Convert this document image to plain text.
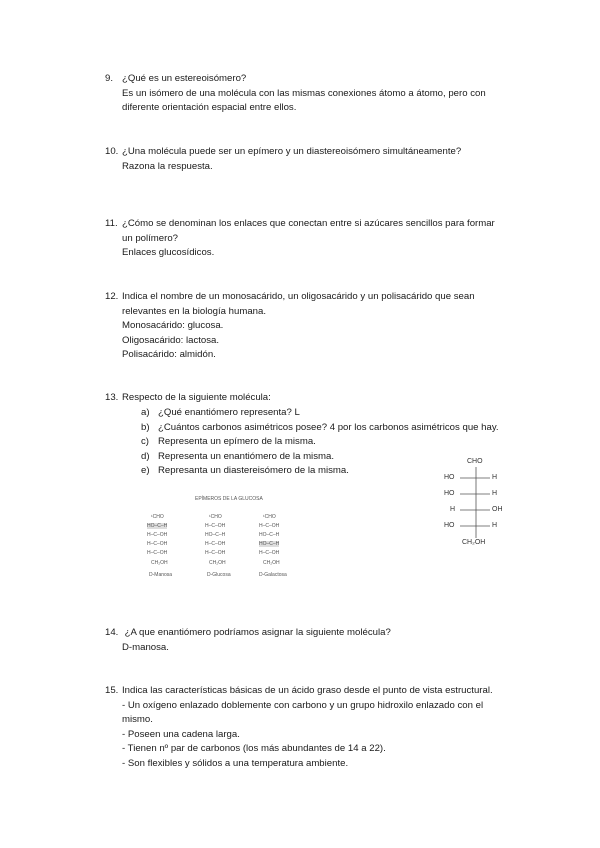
9. ¿Qué es un estereoisómero?
Es un isómero de una molécula con las mismas conexiones átomo a átomo, pero con
diferente orientación espacial entre ellos.
10. ¿Una molécula puede ser un epímero y un diastereoisómero simultáneamente?
Razona la respuesta.
11. ¿Cómo se denominan los enlaces que conectan entre si azúcares sencillos para formar
un polímero?
Enlaces glucosídicos.
12. Indica el nombre de un monosacárido, un oligosacárido y un polisacárido que sean
relevantes en la biología humana.
Monosacárido: glucosa.
Oligosacárido: lactosa.
Polisacárido: almidón.
13. Respecto de la siguiente molécula:
a) ¿Qué enantiómero representa? L
b) ¿Cuántos carbonos asimétricos posee? 4 por los carbonos asimétricos que hay.
c) Representa un epímero de la misma.
d) Representa un enantiómero de la misma.
e) Represanta un diastereisómero de la misma.
CHO
HO	H
HO	H
H	OH
HO	H
CH₂OH
EPÍMEROS DE LA GLUCOSA
¹CHO
HO–C–H
H–C–OH
H–C–OH
H–C–OH
CH₂OH
D-Manosa
¹CHO
H–C–OH
HO–C–H
H–C–OH
H–C–OH
CH₂OH
D-Glucosa
¹CHO
H–C–OH
HO–C–H
HO–C–H
H–C–OH
CH₂OH
D-Galactosa
14. ¿A que enantiómero podríamos asignar la siguiente molécula?
D-manosa.
15. Indica las características básicas de un ácido graso desde el punto de vista estructural.
- Un oxígeno enlazado doblemente con carbono y un grupo hidroxilo enlazado con el
mismo.
- Poseen una cadena larga.
- Tienen nº par de carbonos (los más abundantes de 14 a 22).
- Son flexibles y sólidos a una temperatura ambiente.
